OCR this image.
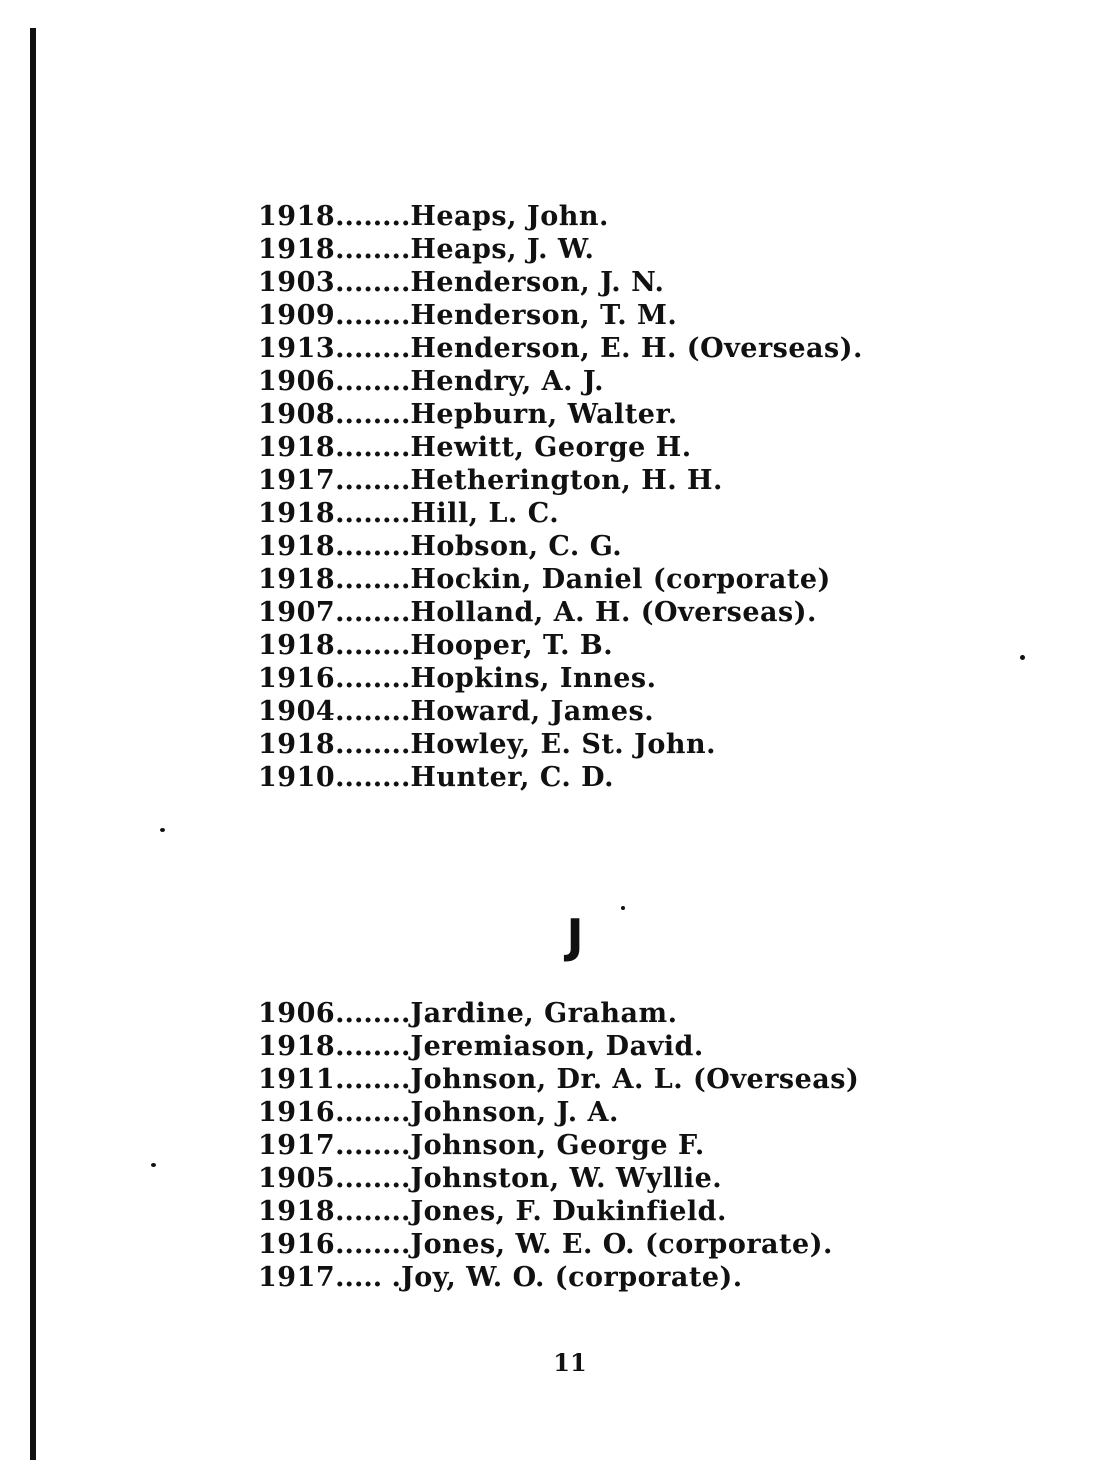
1918........Heaps, John.
1918........Heaps, J. W.
1903........Henderson, J. N.
1909........Henderson, T. M.
1913........Henderson, E. H. (Overseas).
1906........Hendry, A. J.
1908........Hepburn, Walter.
1918........Hewitt, George H.
1917........Hetherington, H. H.
1918........Hill, L. C.
1918........Hobson, C. G.
1918........Hockin, Daniel (corporate)
1907........Holland, A. H. (Overseas).
1918........Hooper, T. B.
1916........Hopkins, Innes.
1904........Howard, James.
1918........Howley, E. St. John.
1910........Hunter, C. D.
J
1906........Jardine, Graham.
1918........Jeremiason, David.
1911........Johnson, Dr. A. L. (Overseas)
1916........Johnson, J. A.
1917........Johnson, George F.
1905........Johnston, W. Wyllie.
1918........Jones, F. Dukinfield.
1916........Jones, W. E. O. (corporate).
1917..... .Joy, W. O. (corporate).
11
